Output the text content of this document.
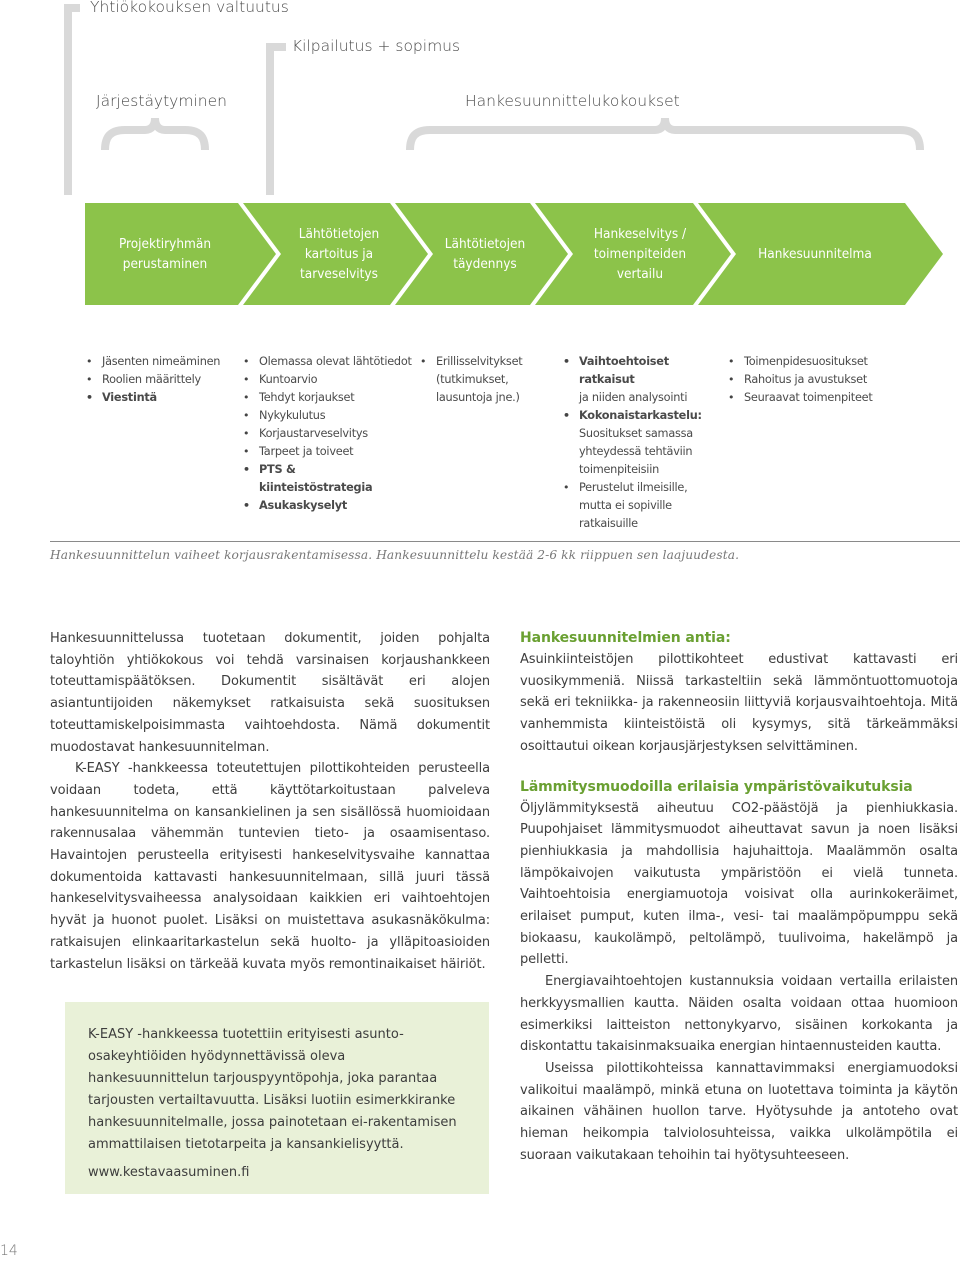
Yhtiökokouksen valtuutus
Kilpailutus + sopimus
Järjestäytyminen	Hankesuunnittelukokoukset
Projektiryhmän
perustaminen
Lähtötietojen
kartoitus ja
tarveselvitys
Lähtötietojen
täydennys
Hankeselvitys /
toimenpiteiden
vertailu
Hankesuunnitelma
• Jäsenten nimeäminen
• Roolien määrittely
• Viestintä
• Olemassa olevat lähtötiedot
• Kuntoarvio
• Tehdyt korjaukset
• Nykykulutus
• Korjaustarveselvitys
• Tarpeet ja toiveet
• PTS & kiinteistöstrategia
• Asukaskyselyt
• Erillisselvitykset
(tutkimukset,
lausuntoja jne.)
• Vaihtoehtoiset ratkaisut
ja niiden analysointi
• Kokonaistarkastelu:
Suositukset samassa
yhteydessä tehtäviin
toimenpiteisiin
• Perustelut ilmeisille,
mutta ei sopiville
ratkaisuille
• Toimenpidesuositukset
• Rahoitus ja avustukset
• Seuraavat toimenpiteet
Hankesuunnittelun vaiheet korjausrakentamisessa. Hankesuunnittelu kestää 2-6 kk riippuen sen laajuudesta.

Hankesuunnittelussa tuotetaan dokumentit, joiden pohjalta taloyhtiön yhtiökokous voi tehdä varsinaisen korjaushankkeen toteuttamispäätöksen. Dokumentit sisältävät eri alojen asiantuntijoiden näkemykset ratkaisuista sekä suosituksen toteuttamiskelpoisimmasta vaihtoehdosta. Nämä dokumentit muodostavat hankesuunnitelman.

K-EASY -hankkeessa toteutettujen pilottikohteiden perusteella voidaan todeta, että käyttötarkoitustaan palveleva hankesuunnitelma on kansankielinen ja sen sisällössä huomioidaan rakennusalaa vähemmän tuntevien tieto- ja osaamisentaso. Havaintojen perusteella erityisesti hankeselvitysvaihe kannattaa dokumentoida kattavasti hankesuunnitelmaan, sillä juuri tässä hankeselvitysvaiheessa analysoidaan kaikkien eri vaihtoehtojen hyvät ja huonot puolet. Lisäksi on muistettava asukasnäkökulma: ratkaisujen elinkaaritarkastelun sekä huolto- ja ylläpitoasioiden tarkastelun lisäksi on tärkeää kuvata myös remontinaikaiset häiriöt.

K-EASY -hankkeessa tuotettiin erityisesti asunto-osakeyhtiöiden hyödynnettävissä oleva hankesuunnittelun tarjouspyyntöpohja, joka parantaa tarjousten vertailtavuutta. Lisäksi luotiin esimerkkiranke hankesuunnitelmalle, jossa painotetaan ei-rakentamisen ammattilaisen tietotarpeita ja kansankielisyyttä.

www.kestavaasuminen.fi

Hankesuunnitelmien antia:

Asuinkiinteistöjen pilottikohteet edustivat kattavasti eri vuosikymmeniä. Niissä tarkasteltiin sekä lämmöntuottomuotoja sekä eri tekniikka- ja rakenneosiin liittyviä korjausvaihtoehtoja. Mitä vanhemmista kiinteistöistä oli kysymys, sitä tärkeämmäksi osoittautui oikean korjausjärjestyksen selvittäminen.

Lämmitysmuodoilla erilaisia ympäristövaikutuksia

Öljylämmityksestä aiheutuu CO2-päästöjä ja pienhiukkasia. Puupohjaiset lämmitysmuodot aiheuttavat savun ja noen lisäksi pienhiukkasia ja mahdollisia hajuhaittoja. Maalämmön osalta lämpökaivojen vaikutusta ympäristöön ei vielä tunneta. Vaihtoehtoisia energiamuotoja voisivat olla aurinkokeräimet, erilaiset pumput, kuten ilma-, vesi- tai maalämpöpumppu sekä biokaasu, kaukolämpö, peltolämpö, tuulivoima, hakelämpö ja pelletti.

Energiavaihtoehtojen kustannuksia voidaan vertailla erilaisten herkkyysmallien kautta. Näiden osalta voidaan ottaa huomioon esimerkiksi laitteiston nettonykyarvo, sisäinen korkokanta ja diskontattu takaisinmaksuaika energian hintaennusteiden kautta.

Useissa pilottikohteissa kannattavimmaksi energiamuodoksi valikoitui maalämpö, minkä etuna on luotettava toiminta ja käytön aikainen vähäinen huollon tarve. Hyötysuhde ja antoteho ovat hieman heikompia talviolosuhteissa, vaikka ulkolämpötila ei suoraan vaikutakaan tehoihin tai hyötysuhteeseen.

14
